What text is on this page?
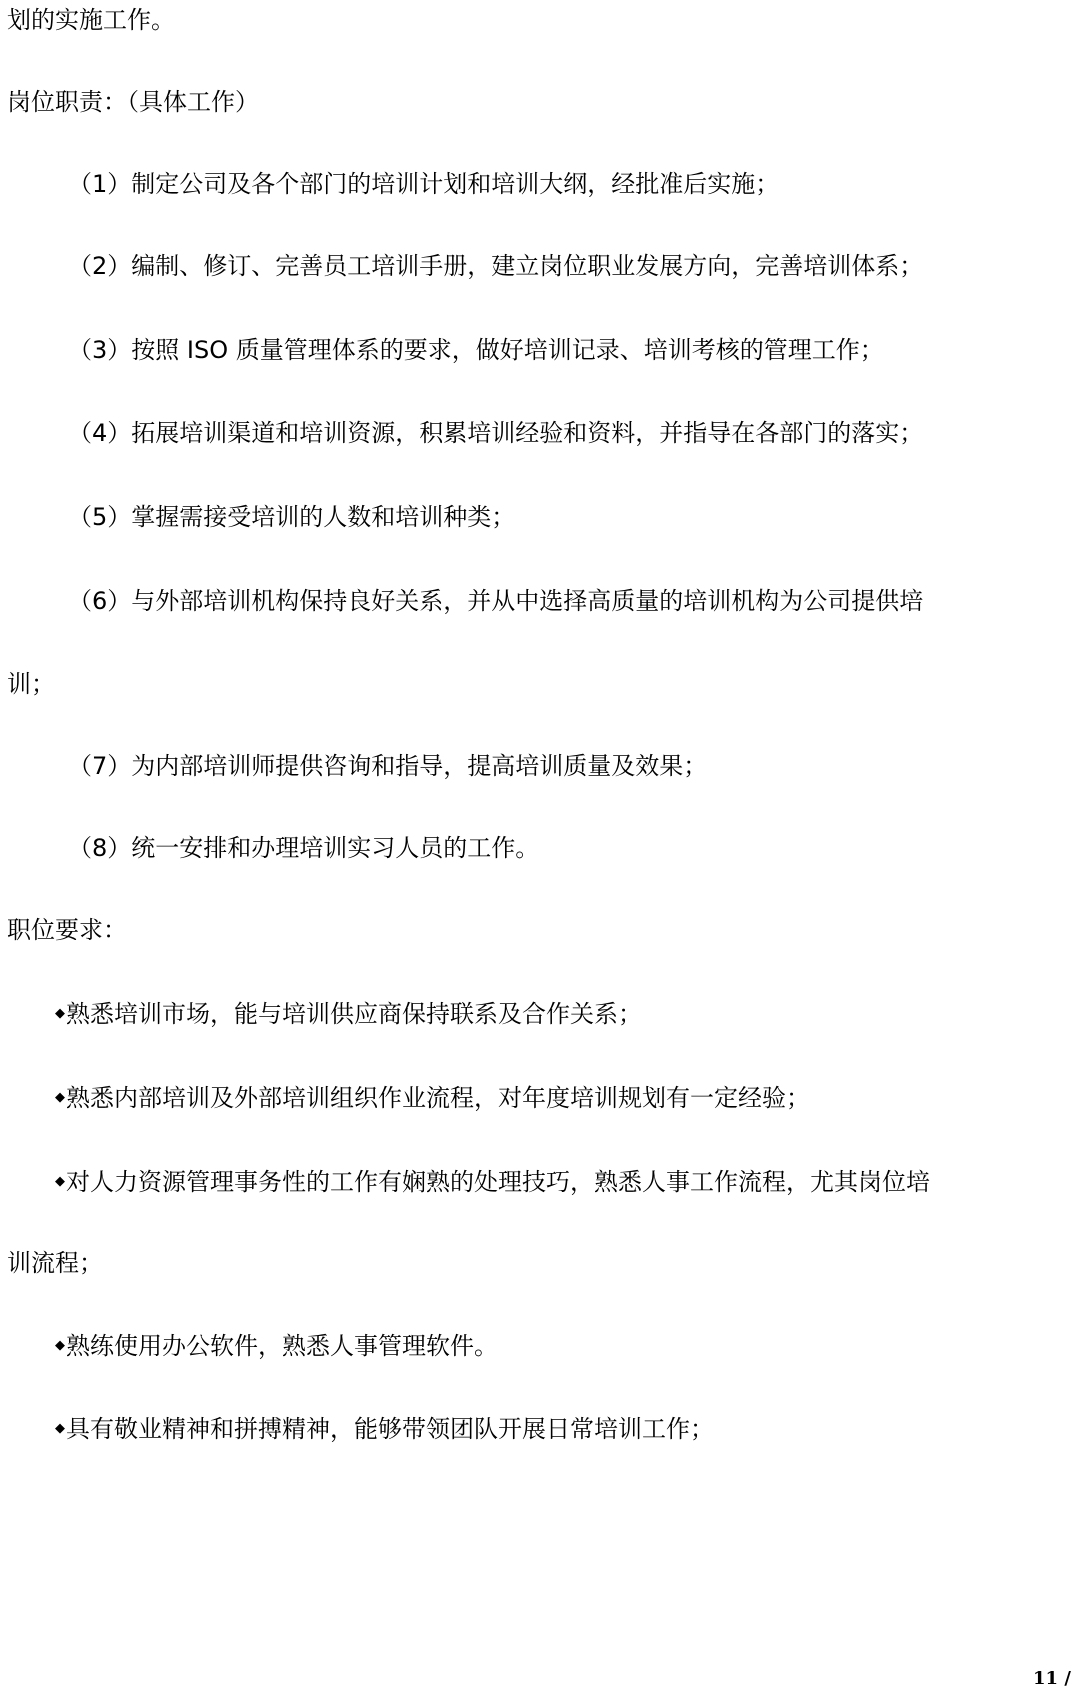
划的实施工作。
岗位职责：（具体工作）
（1）制定公司及各个部门的培训计划和培训大纲，经批准后实施；
（2）编制、修订、完善员工培训手册，建立岗位职业发展方向，完善培训体系；
（3）按照 ISO 质量管理体系的要求，做好培训记录、培训考核的管理工作；
（4）拓展培训渠道和培训资源，积累培训经验和资料，并指导在各部门的落实；
（5）掌握需接受培训的人数和培训种类；
（6）与外部培训机构保持良好关系，并从中选择高质量的培训机构为公司提供培
训；
（7）为内部培训师提供咨询和指导，提高培训质量及效果；
（8）统一安排和办理培训实习人员的工作。
职位要求：
◆熟悉培训市场，能与培训供应商保持联系及合作关系；
◆熟悉内部培训及外部培训组织作业流程，对年度培训规划有一定经验；
◆对人力资源管理事务性的工作有娴熟的处理技巧，熟悉人事工作流程，尤其岗位培
训流程；
◆熟练使用办公软件，熟悉人事管理软件。
◆具有敬业精神和拼搏精神，能够带领团队开展日常培训工作；
11 /
